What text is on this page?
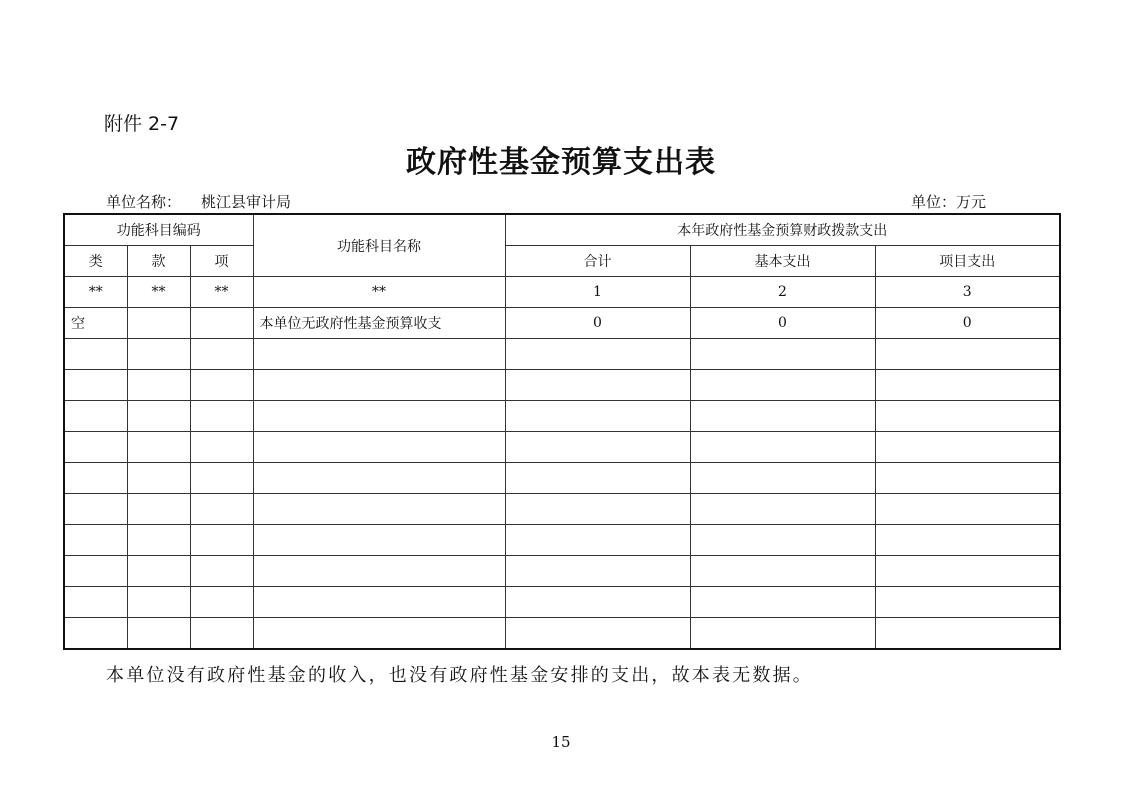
附件 2-7
政府性基金预算支出表
单位名称： 桃江县审计局	单位：万元
功能科目编码			功能科目名称	本年政府性基金预算财政拨款支出		
类	款	项		合计	基本支出	项目支出
**	**	**	**	1	2	3
空			本单位无政府性基金预算收支	0	0	0

本单位没有政府性基金的收入，也没有政府性基金安排的支出，故本表无数据。
15
